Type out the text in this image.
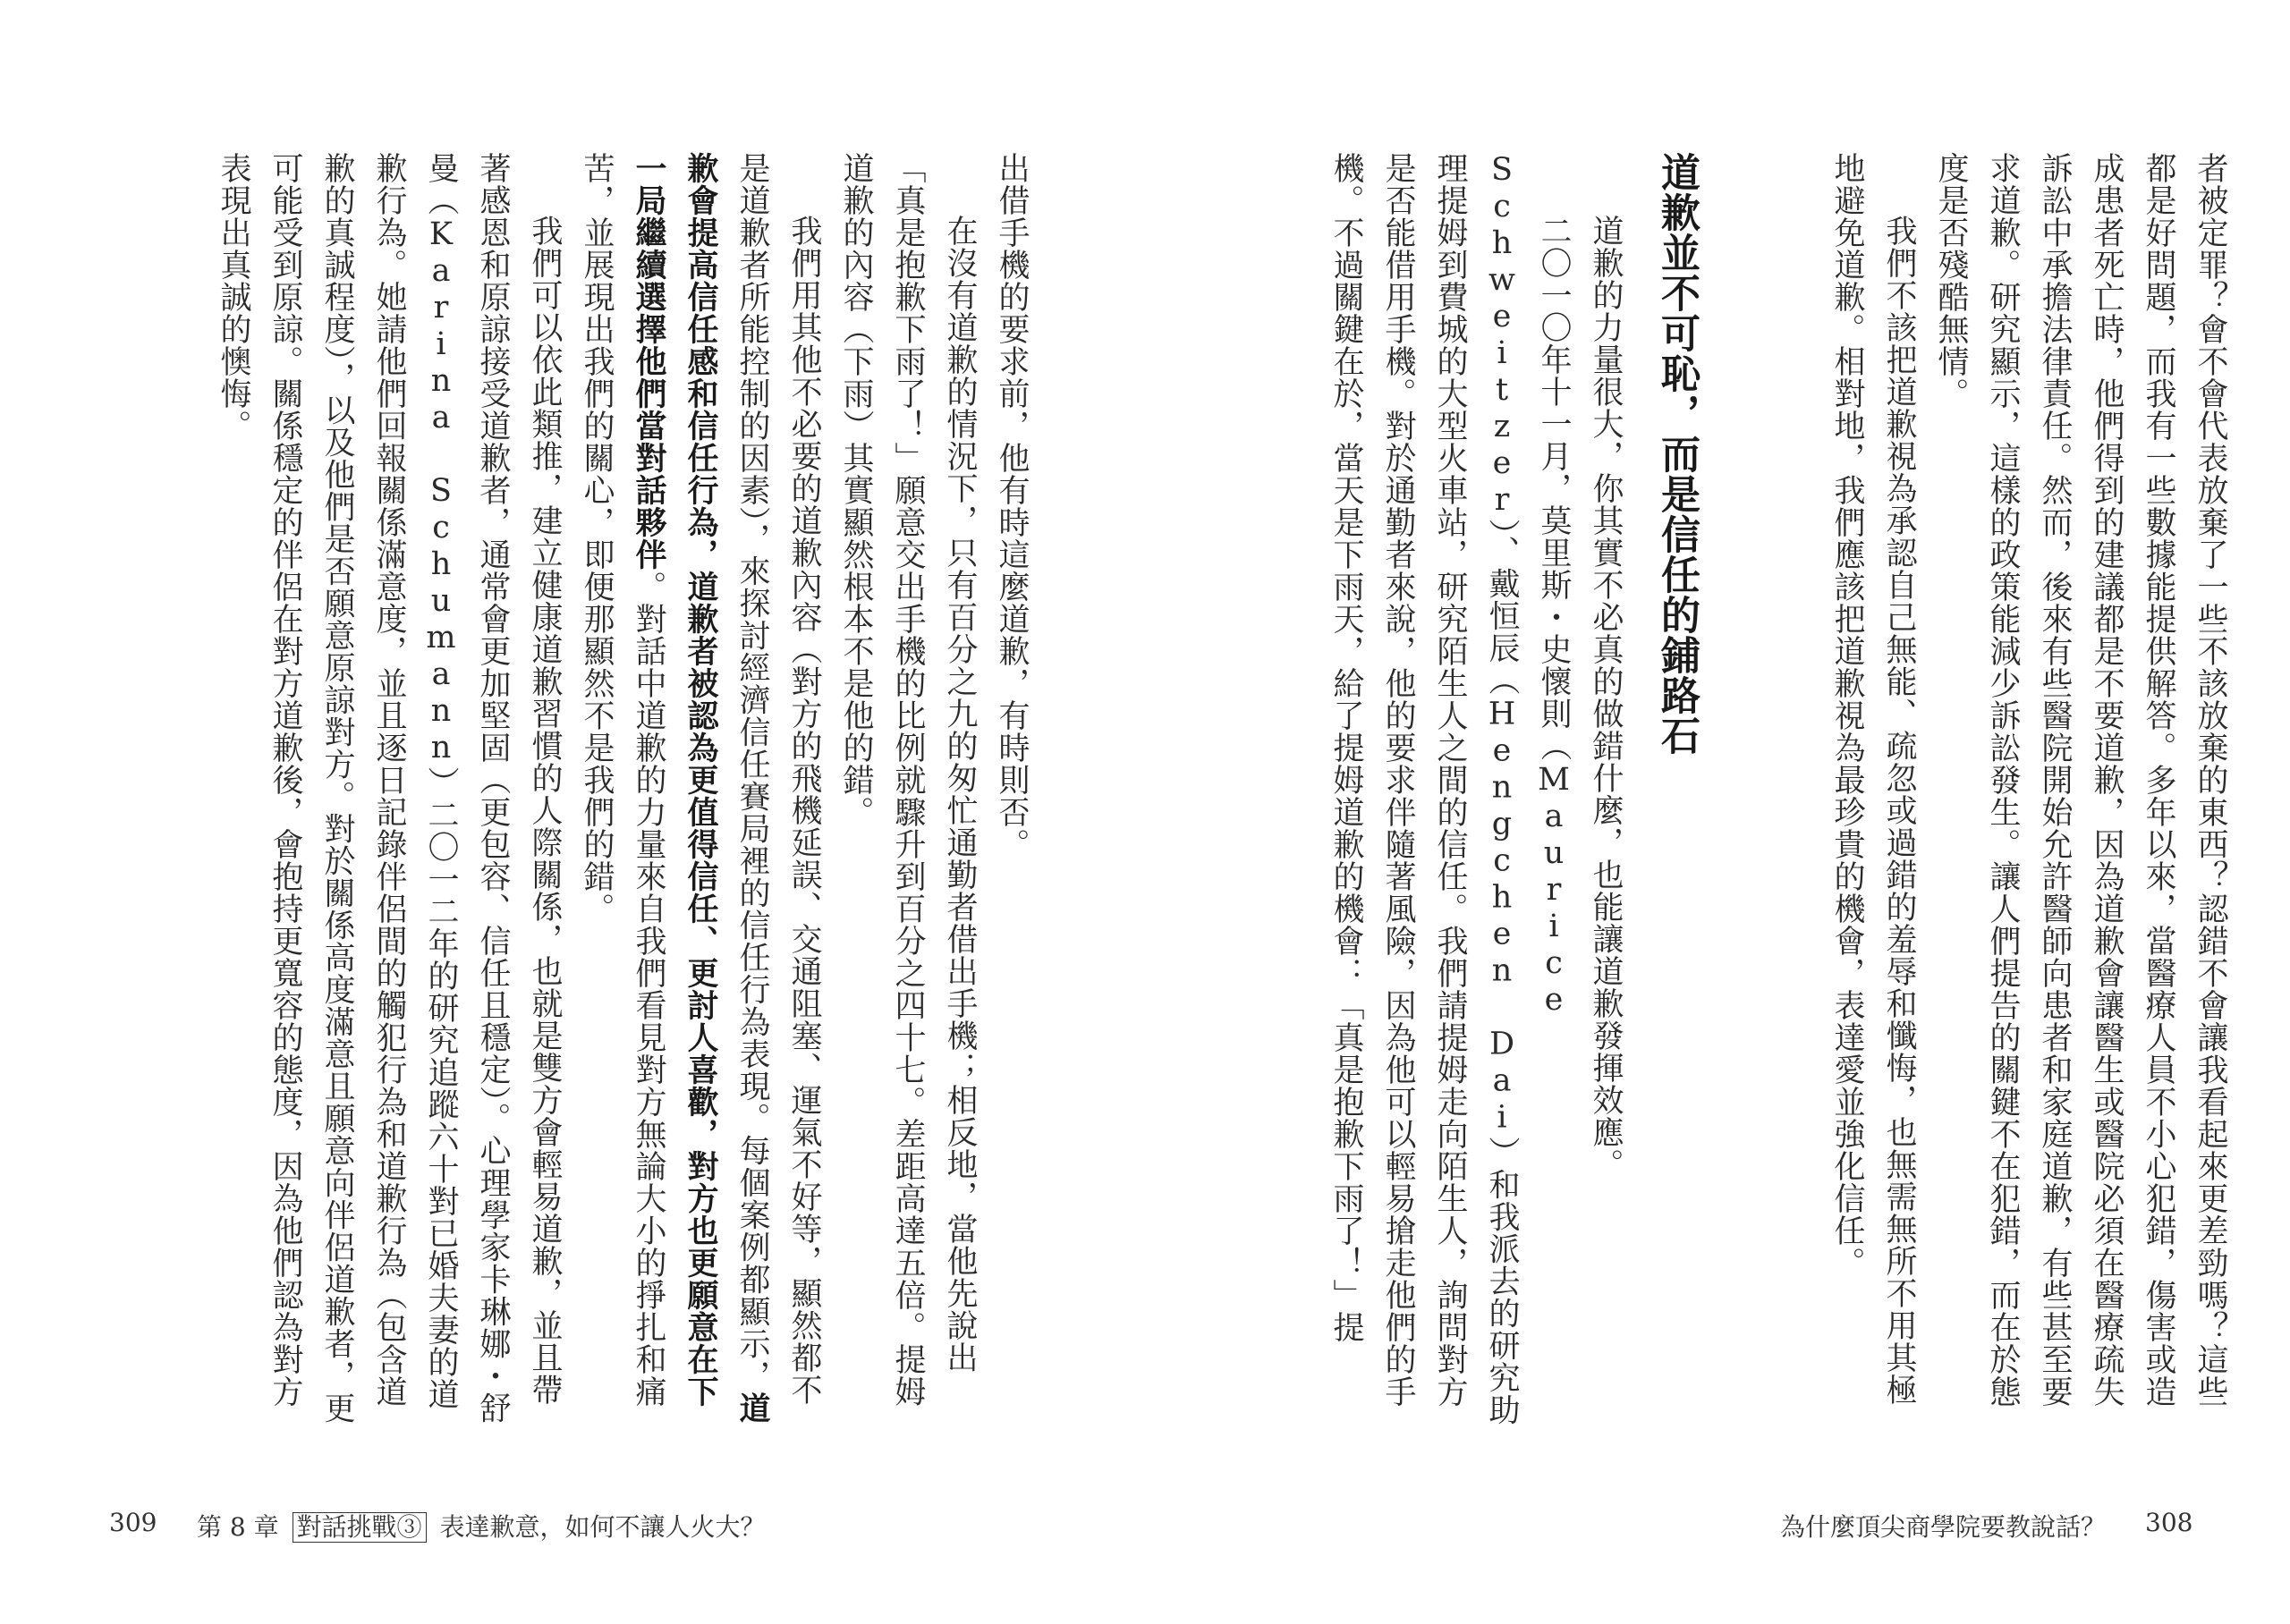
者被定罪？會不會代表放棄了一些不該放棄的東西？認錯不會讓我看起來更差勁嗎？這些都是好問題，而我有一些數據能提供解答。多年以來，當醫療人員不小心犯錯，傷害或造成患者死亡時，他們得到的建議都是不要道歉，因為道歉會讓醫生或醫院必須在醫療疏失訴訟中承擔法律責任。然而，後來有些醫院開始允許醫師向患者和家庭道歉，有些甚至要求道歉。研究顯示，這樣的政策能減少訴訟發生。讓人們提告的關鍵不在犯錯，而在於態度是否殘酷無情。

我們不該把道歉視為承認自己無能、疏忽或過錯的羞辱和懺悔，也無需無所不用其極地避免道歉。相對地，我們應該把道歉視為最珍貴的機會，表達愛並強化信任。

道歉並不可恥，而是信任的鋪路石

道歉的力量很大，你其實不必真的做錯什麼，也能讓道歉發揮效應。

二〇一〇年十一月，莫里斯・史懷則（Maurice Schweitzer）、戴恒辰（Hengchen Dai）和我派去的研究助理提姆到費城的大型火車站，研究陌生人之間的信任。我們請提姆走向陌生人，詢問對方是否能借用手機。對於通勤者來說，他的要求伴隨著風險，因為他可以輕易搶走他們的手機。不過關鍵在於，當天是下雨天，給了提姆道歉的機會：「真是抱歉下雨了！」提

為什麼頂尖商學院要教說話？ 308

出借手機的要求前，他有時這麼道歉，有時則否。

在沒有道歉的情況下，只有百分之九的匆忙通勤者借出手機；相反地，當他先說出「真是抱歉下雨了！」願意交出手機的比例就驟升到百分之四十七。差距高達五倍。提姆道歉的內容（下雨）其實顯然根本不是他的錯。

我們用其他不必要的道歉內容（對方的飛機延誤、交通阻塞、運氣不好等，顯然都不是道歉者所能控制的因素），來探討經濟信任賽局裡的信任行為表現。每個案例都顯示，道歉會提高信任感和信任行為，道歉者被認為更值得信任、更討人喜歡，對方也更願意在下一局繼續選擇他們當對話夥伴。對話中道歉的力量來自我們看見對方無論大小的掙扎和痛苦，並展現出我們的關心，即便那顯然不是我們的錯。

我們可以依此類推，建立健康道歉習慣的人際關係，也就是雙方會輕易道歉，並且帶著感恩和原諒接受道歉者，通常會更加堅固（更包容、信任且穩定）。心理學家卡琳娜・舒曼（Karina Schumann）二〇一二年的研究追蹤六十對已婚夫妻的道歉行為。她請他們回報關係滿意度，並且逐日記錄伴侶間的觸犯行為和道歉行為（包含道歉的真誠程度），以及他們是否願意原諒對方。對於關係高度滿意且願意向伴侶道歉者，更可能受到原諒。關係穩定的伴侶在對方道歉後，會抱持更寬容的態度，因為他們認為對方表現出真誠的懊悔。

309 第 8 章 對話挑戰③ 表達歉意，如何不讓人火大？
